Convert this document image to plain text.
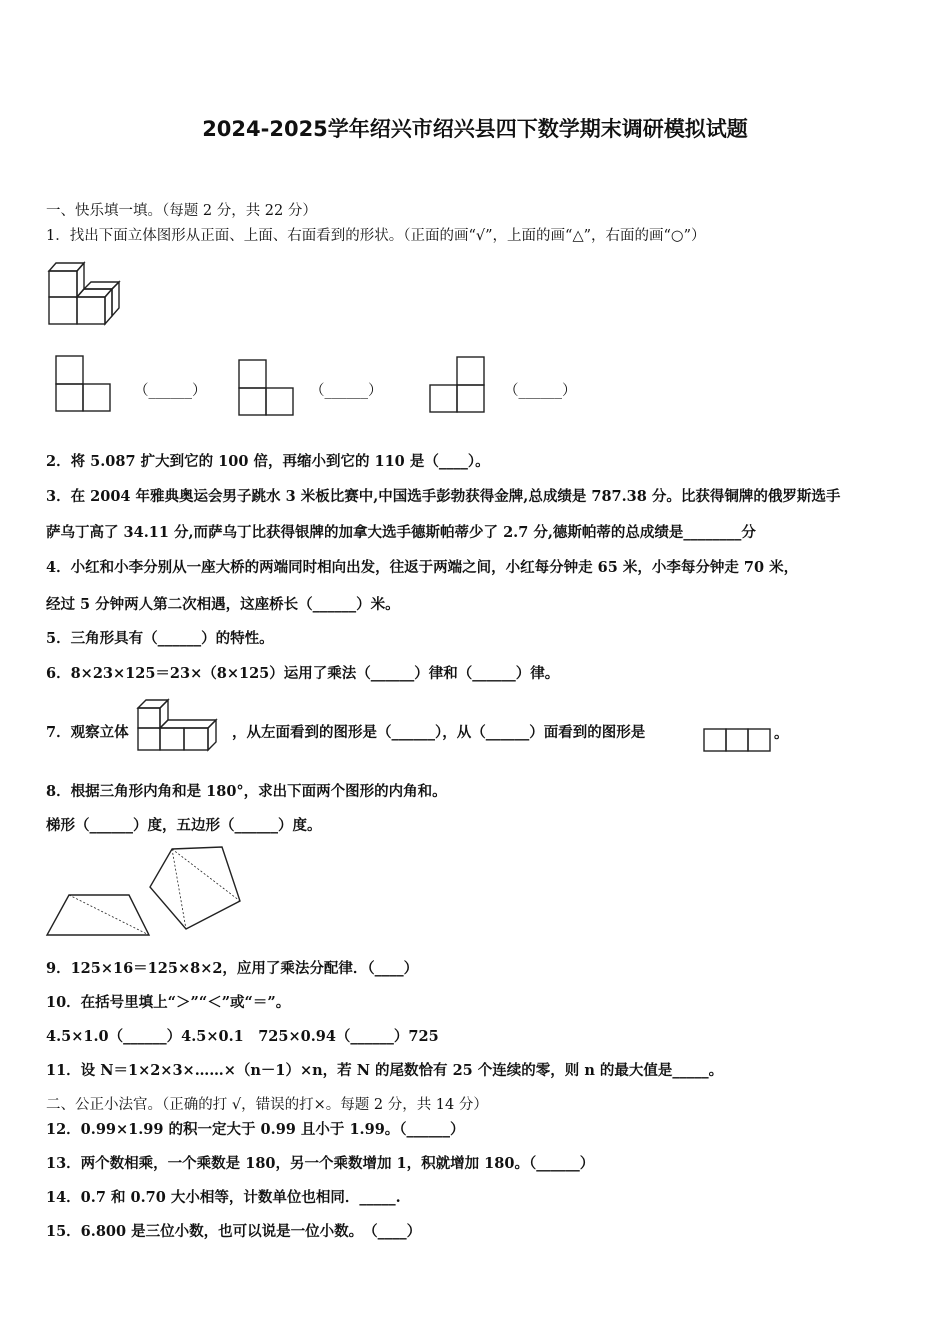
2024-2025学年绍兴市绍兴县四下数学期末调研模拟试题
一、快乐填一填。（每题 2 分，共 22 分）
1．找出下面立体图形从正面、上面、右面看到的形状。（正面的画“√”，上面的画“△”，右面的画“○”）
（______）	（______）	（______）
2．将 5.087 扩大到它的 100 倍，再缩小到它的 110 是（____）。
3．在 2004 年雅典奥运会男子跳水 3 米板比赛中,中国选手彭勃获得金牌,总成绩是 787.38 分。比获得铜牌的俄罗斯选手
萨乌丁高了 34.11 分,而萨乌丁比获得银牌的加拿大选手德斯帕蒂少了 2.7 分,德斯帕蒂的总成绩是________分
4．小红和小李分别从一座大桥的两端同时相向出发，往返于两端之间，小红每分钟走 65 米，小李每分钟走 70 米，
经过 5 分钟两人第二次相遇，这座桥长（______）米。
5．三角形具有（______）的特性。
6．8×23×125＝23×（8×125）运用了乘法（______）律和（______）律。
7．观察立体	，从左面看到的图形是（______），从（______）面看到的图形是	。
8．根据三角形内角和是 180°，求出下面两个图形的内角和。
梯形（______）度，五边形（______）度。
9．125×16＝125×8×2，应用了乘法分配律．（____）
10．在括号里填上“＞”“＜”或“＝”。
4.5×1.0（______）4.5×0.1　725×0.94（______）725
11．设 N＝1×2×3×……×（n－1）×n，若 N 的尾数恰有 25 个连续的零，则 n 的最大值是_____。
二、公正小法官。（正确的打 √，错误的打×。每题 2 分，共 14 分）
12．0.99×1.99 的积一定大于 0.99 且小于 1.99。（______）
13．两个数相乘，一个乘数是 180，另一个乘数增加 1，积就增加 180。（______）
14．0.7 和 0.70 大小相等，计数单位也相同．_____.
15．6.800 是三位小数，也可以说是一位小数。　（____）
